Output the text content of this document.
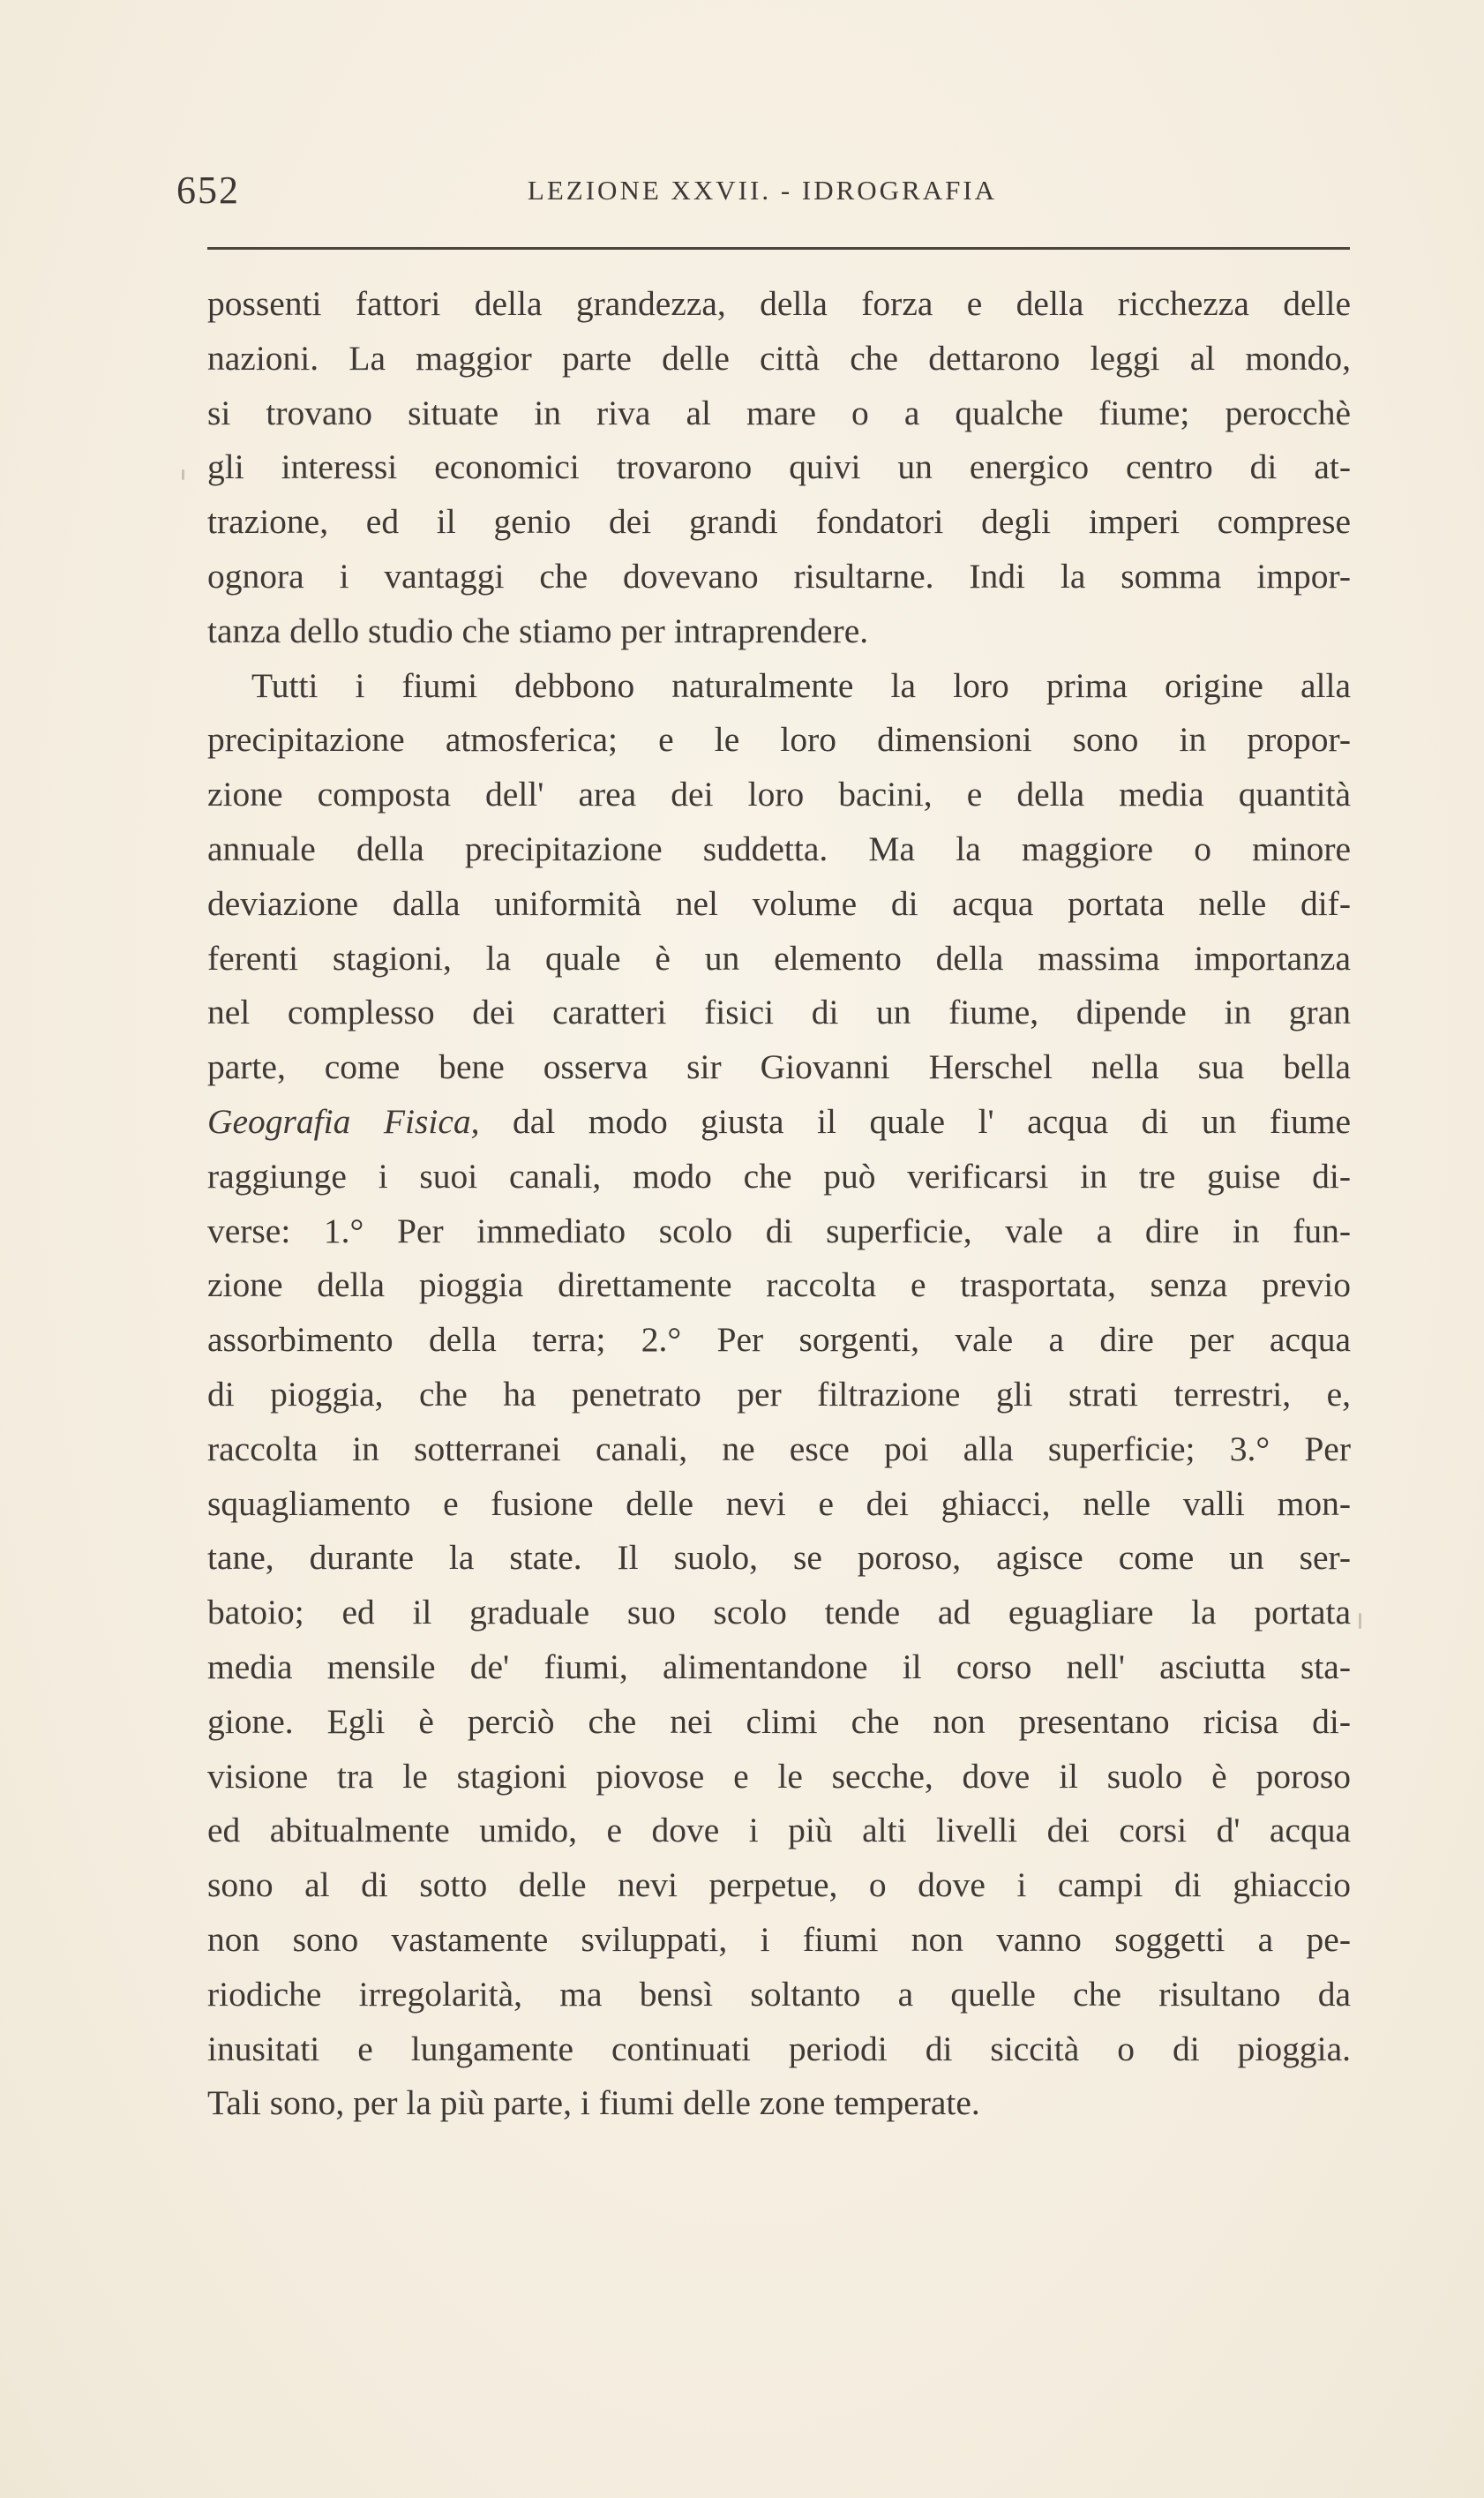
652	LEZIONE XXVII. - IDROGRAFIA
possenti fattori della grandezza, della forza e della ricchezza delle
nazioni. La maggior parte delle città che dettarono leggi al mondo,
si trovano situate in riva al mare o a qualche fiume; perocchè
gli interessi economici trovarono quivi un energico centro di at-
trazione, ed il genio dei grandi fondatori degli imperi comprese
ognora i vantaggi che dovevano risultarne. Indi la somma impor-
tanza dello studio che stiamo per intraprendere.
Tutti i fiumi debbono naturalmente la loro prima origine alla
precipitazione atmosferica; e le loro dimensioni sono in propor-
zione composta dell' area dei loro bacini, e della media quantità
annuale della precipitazione suddetta. Ma la maggiore o minore
deviazione dalla uniformità nel volume di acqua portata nelle dif-
ferenti stagioni, la quale è un elemento della massima importanza
nel complesso dei caratteri fisici di un fiume, dipende in gran
parte, come bene osserva sir Giovanni Herschel nella sua bella
Geografia Fisica, dal modo giusta il quale l' acqua di un fiume
raggiunge i suoi canali, modo che può verificarsi in tre guise di-
verse: 1.° Per immediato scolo di superficie, vale a dire in fun-
zione della pioggia direttamente raccolta e trasportata, senza previo
assorbimento della terra; 2.° Per sorgenti, vale a dire per acqua
di pioggia, che ha penetrato per filtrazione gli strati terrestri, e,
raccolta in sotterranei canali, ne esce poi alla superficie; 3.° Per
squagliamento e fusione delle nevi e dei ghiacci, nelle valli mon-
tane, durante la state. Il suolo, se poroso, agisce come un ser-
batoio; ed il graduale suo scolo tende ad eguagliare la portata
media mensile de' fiumi, alimentandone il corso nell' asciutta sta-
gione. Egli è perciò che nei climi che non presentano ricisa di-
visione tra le stagioni piovose e le secche, dove il suolo è poroso
ed abitualmente umido, e dove i più alti livelli dei corsi d' acqua
sono al di sotto delle nevi perpetue, o dove i campi di ghiaccio
non sono vastamente sviluppati, i fiumi non vanno soggetti a pe-
riodiche irregolarità, ma bensì soltanto a quelle che risultano da
inusitati e lungamente continuati periodi di siccità o di pioggia.
Tali sono, per la più parte, i fiumi delle zone temperate.
